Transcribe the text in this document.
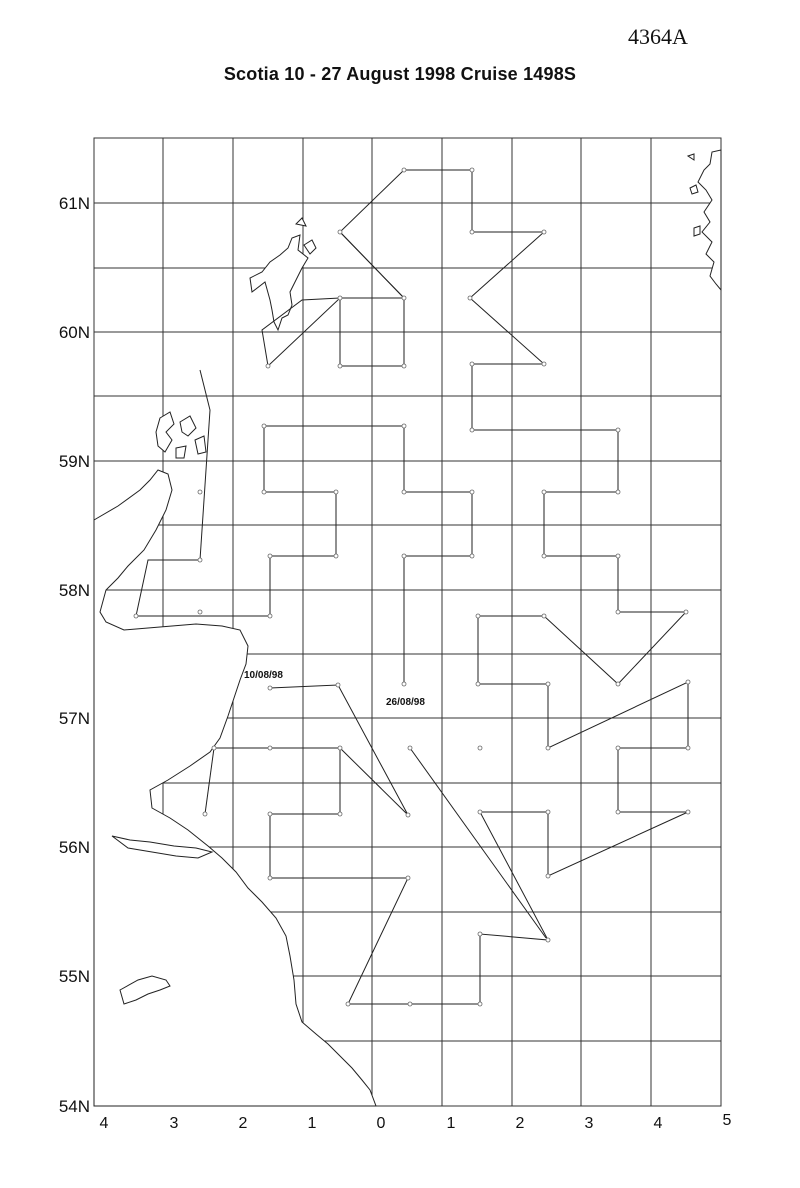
4364A
Scotia 10 - 27 August 1998 Cruise 1498S
10/08/98
26/08/98
61N
60N
59N
58N
57N
56N
55N
54N
4	3	2	1	0	1	2	3	4	5
